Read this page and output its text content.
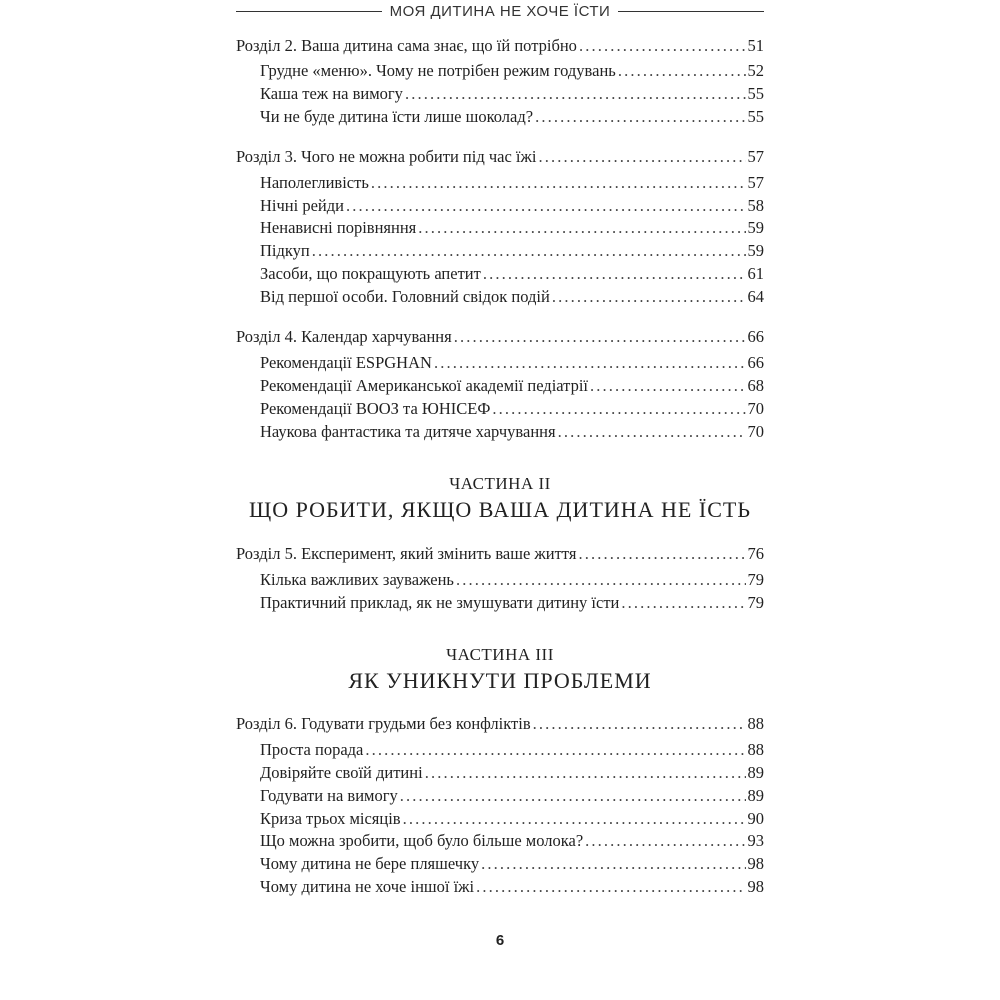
МОЯ ДИТИНА НЕ ХОЧЕ ЇСТИ
Розділ 2. Ваша дитина сама знає, що їй потрібно . . .	51
Грудне «меню». Чому не потрібен режим годувань . . .	52
Каша теж на вимогу . . .	55
Чи не буде дитина їсти лише шоколад? . . .	55
Розділ 3. Чого не можна робити під час їжі . . .	57
Наполегливість . . .	57
Нічні рейди . . .	58
Ненависні порівняння . . .	59
Підкуп . . .	59
Засоби, що покращують апетит . . .	61
Від першої особи. Головний свідок подій . . .	64
Розділ 4. Календар харчування . . .	66
Рекомендації ESPGHAN . . .	66
Рекомендації Американської академії педіатрії . . .	68
Рекомендації ВООЗ та ЮНІСЕФ . . .	70
Наукова фантастика та дитяче харчування . . .	70
ЧАСТИНА II
ЩО РОБИТИ, ЯКЩО ВАША ДИТИНА НЕ ЇСТЬ
Розділ 5. Експеримент, який змінить ваше життя . . .	76
Кілька важливих зауважень . . .	79
Практичний приклад, як не змушувати дитину їсти . . .	79
ЧАСТИНА III
ЯК УНИКНУТИ ПРОБЛЕМИ
Розділ 6. Годувати грудьми без конфліктів . . .	88
Проста порада . . .	88
Довіряйте своїй дитині . . .	89
Годувати на вимогу . . .	89
Криза трьох місяців . . .	90
Що можна зробити, щоб було більше молока? . . .	93
Чому дитина не бере пляшечку . . .	98
Чому дитина не хоче іншої їжі . . .	98
6
